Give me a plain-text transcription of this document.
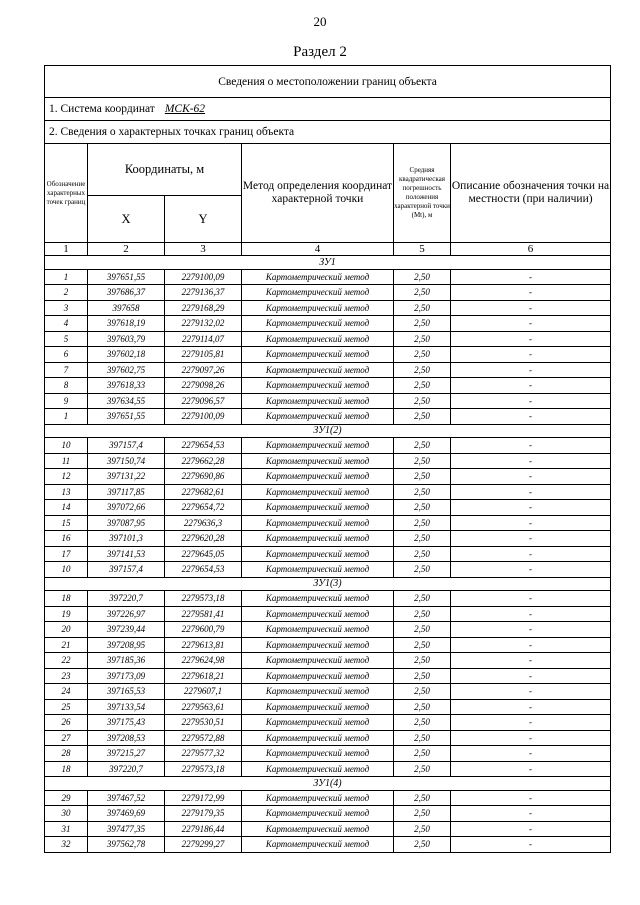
20
Раздел 2
Сведения о местоположении границ объекта					
1. Система координат МСК-62					
2. Сведения о характерных точках границ объекта					
Обозначение характерных точек границ	Координаты, м		Метод определения координат характерной точки	Средняя квадратическая погрешность положения характерной точки (Mt), м	Описание обозначения точки на местности (при наличии)
	X	Y			
1	2	3	4	5	6
ЗУ1					
1	397651,55	2279100,09	Картометрический метод	2,50	-
2	397686,37	2279136,37	Картометрический метод	2,50	-
3	397658	2279168,29	Картометрический метод	2,50	-
4	397618,19	2279132,02	Картометрический метод	2,50	-
5	397603,79	2279114,07	Картометрический метод	2,50	-
6	397602,18	2279105,81	Картометрический метод	2,50	-
7	397602,75	2279097,26	Картометрический метод	2,50	-
8	397618,33	2279098,26	Картометрический метод	2,50	-
9	397634,55	2279096,57	Картометрический метод	2,50	-
1	397651,55	2279100,09	Картометрический метод	2,50	-
ЗУ1(2)					
10	397157,4	2279654,53	Картометрический метод	2,50	-
11	397150,74	2279662,28	Картометрический метод	2,50	-
12	397131,22	2279690,86	Картометрический метод	2,50	-
13	397117,85	2279682,61	Картометрический метод	2,50	-
14	397072,66	2279654,72	Картометрический метод	2,50	-
15	397087,95	2279636,3	Картометрический метод	2,50	-
16	397101,3	2279620,28	Картометрический метод	2,50	-
17	397141,53	2279645,05	Картометрический метод	2,50	-
10	397157,4	2279654,53	Картометрический метод	2,50	-
ЗУ1(3)					
18	397220,7	2279573,18	Картометрический метод	2,50	-
19	397226,97	2279581,41	Картометрический метод	2,50	-
20	397239,44	2279600,79	Картометрический метод	2,50	-
21	397208,95	2279613,81	Картометрический метод	2,50	-
22	397185,36	2279624,98	Картометрический метод	2,50	-
23	397173,09	2279618,21	Картометрический метод	2,50	-
24	397165,53	2279607,1	Картометрический метод	2,50	-
25	397133,54	2279563,61	Картометрический метод	2,50	-
26	397175,43	2279530,51	Картометрический метод	2,50	-
27	397208,53	2279572,88	Картометрический метод	2,50	-
28	397215,27	2279577,32	Картометрический метод	2,50	-
18	397220,7	2279573,18	Картометрический метод	2,50	-
ЗУ1(4)					
29	397467,52	2279172,99	Картометрический метод	2,50	-
30	397469,69	2279179,35	Картометрический метод	2,50	-
31	397477,35	2279186,44	Картометрический метод	2,50	-
32	397562,78	2279299,27	Картометрический метод	2,50	-
